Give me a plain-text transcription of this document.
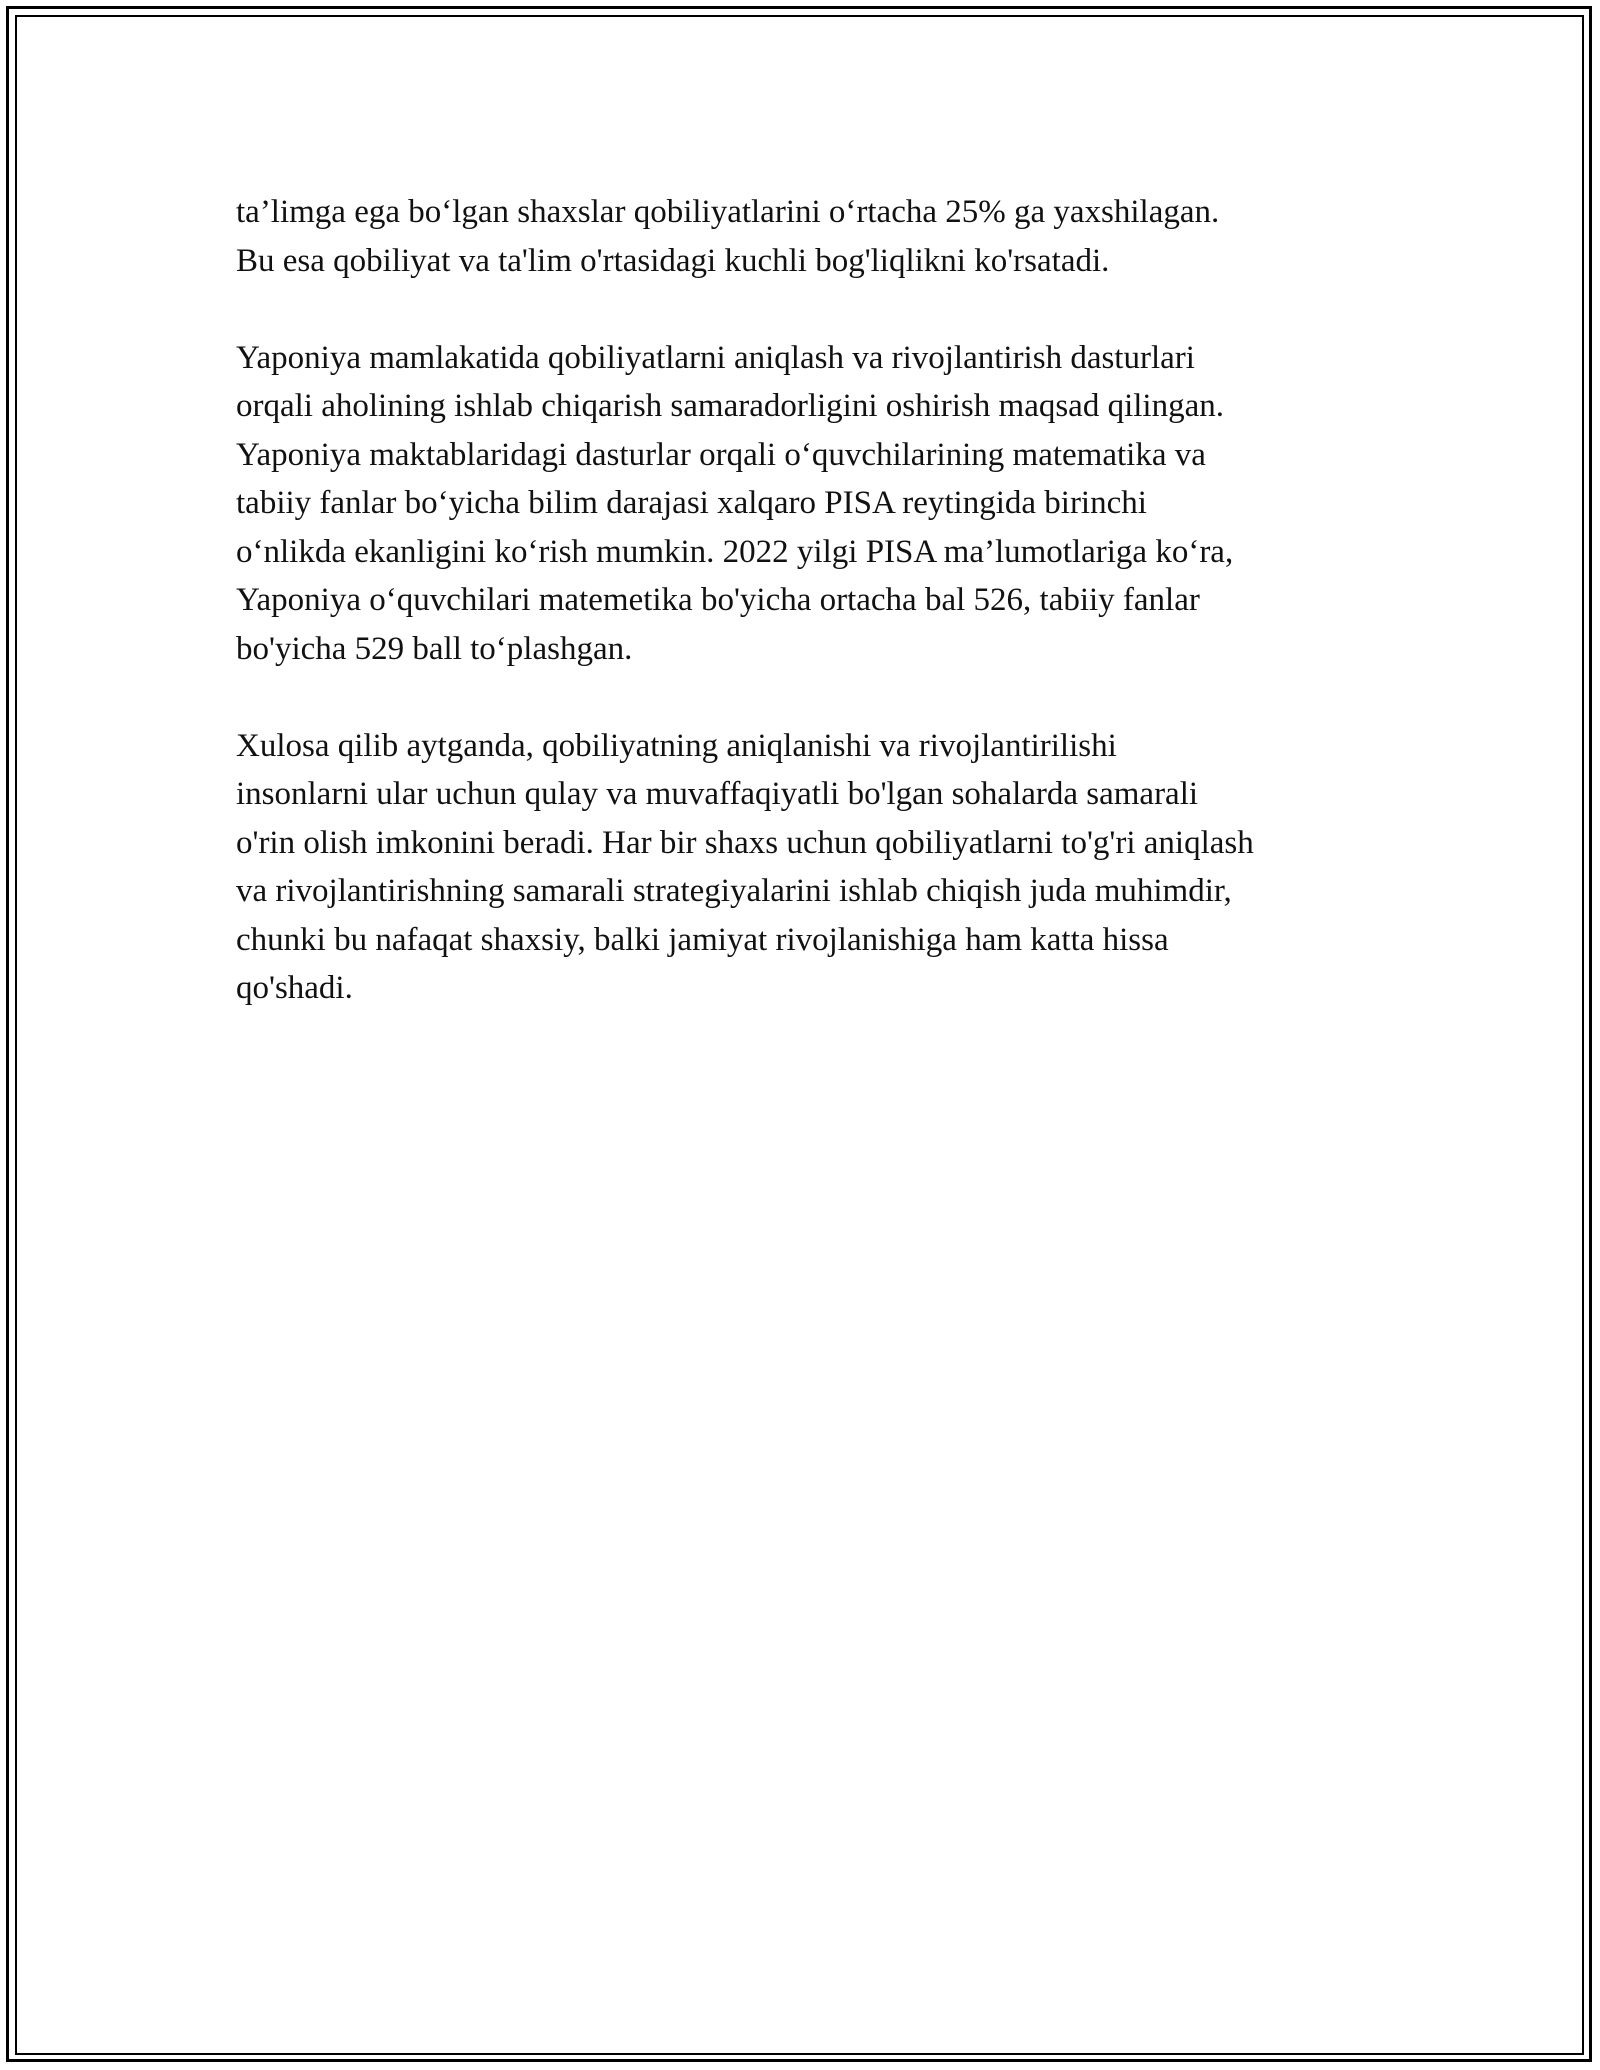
ta’limga ega bo‘lgan shaxslar qobiliyatlarini o‘rtacha 25% ga yaxshilagan.
Bu esa qobiliyat va ta'lim o'rtasidagi kuchli bog'liqlikni ko'rsatadi.

Yaponiya mamlakatida qobiliyatlarni aniqlash va rivojlantirish dasturlari
orqali aholining ishlab chiqarish samaradorligini oshirish maqsad qilingan.
Yaponiya maktablaridagi dasturlar orqali o‘quvchilarining matematika va
tabiiy fanlar bo‘yicha bilim darajasi xalqaro PISA reytingida birinchi
o‘nlikda ekanligini ko‘rish mumkin. 2022 yilgi PISA ma’lumotlariga ko‘ra,
Yaponiya o‘quvchilari matemetika bo'yicha ortacha bal 526, tabiiy fanlar
bo'yicha 529 ball to‘plashgan.

Xulosa qilib aytganda, qobiliyatning aniqlanishi va rivojlantirilishi
insonlarni ular uchun qulay va muvaffaqiyatli bo'lgan sohalarda samarali
o'rin olish imkonini beradi. Har bir shaxs uchun qobiliyatlarni to'g'ri aniqlash
va rivojlantirishning samarali strategiyalarini ishlab chiqish juda muhimdir,
chunki bu nafaqat shaxsiy, balki jamiyat rivojlanishiga ham katta hissa
qo'shadi.
